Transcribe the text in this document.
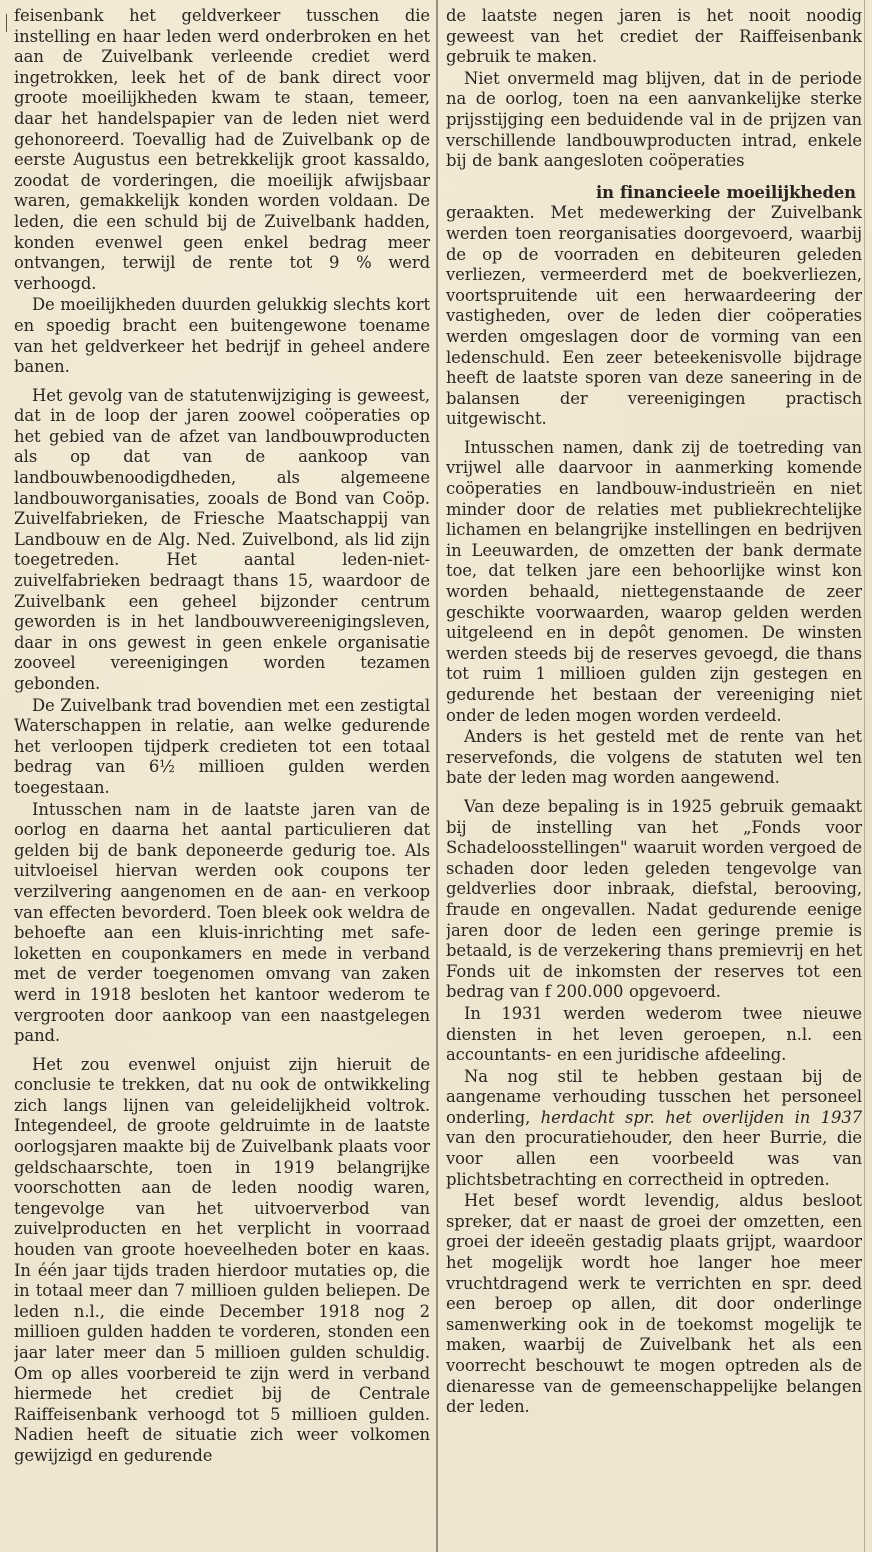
feisenbank het geldverkeer tusschen die instelling en haar leden werd onderbroken en het aan de Zuivelbank verleende crediet werd ingetrokken, leek het of de bank direct voor groote moeilijkheden kwam te staan, temeer, daar het handelspapier van de leden niet werd gehonoreerd. Toevallig had de Zuivelbank op de eerste Augustus een betrekkelijk groot kassaldo, zoodat de vorderingen, die moeilijk afwijsbaar waren, gemakkelijk konden worden voldaan. De leden, die een schuld bij de Zuivelbank hadden, konden evenwel geen enkel bedrag meer ontvangen, terwijl de rente tot 9 % werd verhoogd.

De moeilijkheden duurden gelukkig slechts kort en spoedig bracht een buitengewone toename van het geldverkeer het bedrijf in geheel andere banen.

Het gevolg van de statutenwijziging is geweest, dat in de loop der jaren zoowel coöperaties op het gebied van de afzet van landbouwproducten als op dat van de aankoop van landbouwbenoodigdheden, als algemeene landbouworganisaties, zooals de Bond van Coöp. Zuivelfabrieken, de Friesche Maatschappij van Landbouw en de Alg. Ned. Zuivelbond, als lid zijn toegetreden. Het aantal leden-niet-zuivelfabrieken bedraagt thans 15, waardoor de Zuivelbank een geheel bijzonder centrum geworden is in het landbouwvereenigingsleven, daar in ons gewest in geen enkele organisatie zooveel vereenigingen worden tezamen gebonden.

De Zuivelbank trad bovendien met een zestigtal Waterschappen in relatie, aan welke gedurende het verloopen tijdperk credieten tot een totaal bedrag van 6½ millioen gulden werden toegestaan.

Intusschen nam in de laatste jaren van de oorlog en daarna het aantal particulieren dat gelden bij de bank deponeerde gedurig toe. Als uitvloeisel hiervan werden ook coupons ter verzilvering aangenomen en de aan- en verkoop van effecten bevorderd. Toen bleek ook weldra de behoefte aan een kluis-inrichting met safe-loketten en couponkamers en mede in verband met de verder toegenomen omvang van zaken werd in 1918 besloten het kantoor wederom te vergrooten door aankoop van een naastgelegen pand.

Het zou evenwel onjuist zijn hieruit de conclusie te trekken, dat nu ook de ontwikkeling zich langs lijnen van geleidelijkheid voltrok. Integendeel, de groote geldruimte in de laatste oorlogsjaren maakte bij de Zuivelbank plaats voor geldschaarschte, toen in 1919 belangrijke voorschotten aan de leden noodig waren, tengevolge van het uitvoerverbod van zuivelproducten en het verplicht in voorraad houden van groote hoeveelheden boter en kaas. In één jaar tijds traden hierdoor mutaties op, die in totaal meer dan 7 millioen gulden beliepen. De leden n.l., die einde December 1918 nog 2 millioen gulden hadden te vorderen, stonden een jaar later meer dan 5 millioen gulden schuldig. Om op alles voorbereid te zijn werd in verband hiermede het crediet bij de Centrale Raiffeisenbank verhoogd tot 5 millioen gulden. Nadien heeft de situatie zich weer volkomen gewijzigd en gedurende

de laatste negen jaren is het nooit noodig geweest van het crediet der Raiffeisenbank gebruik te maken.

Niet onvermeld mag blijven, dat in de periode na de oorlog, toen na een aanvankelijke sterke prijsstijging een beduidende val in de prijzen van verschillende landbouwproducten intrad, enkele bij de bank aangesloten coöperaties

in financieele moeilijkheden

geraakten. Met medewerking der Zuivelbank werden toen reorganisaties doorgevoerd, waarbij de op de voorraden en debiteuren geleden verliezen, vermeerderd met de boekverliezen, voortspruitende uit een herwaardeering der vastigheden, over de leden dier coöperaties werden omgeslagen door de vorming van een ledenschuld. Een zeer beteekenisvolle bijdrage heeft de laatste sporen van deze saneering in de balansen der vereenigingen practisch uitgewischt.

Intusschen namen, dank zij de toetreding van vrijwel alle daarvoor in aanmerking komende coöperaties en landbouw-industrieën en niet minder door de relaties met publiekrechtelijke lichamen en belangrijke instellingen en bedrijven in Leeuwarden, de omzetten der bank dermate toe, dat telken jare een behoorlijke winst kon worden behaald, niettegenstaande de zeer geschikte voorwaarden, waarop gelden werden uitgeleend en in depôt genomen. De winsten werden steeds bij de reserves gevoegd, die thans tot ruim 1 millioen gulden zijn gestegen en gedurende het bestaan der vereeniging niet onder de leden mogen worden verdeeld.

Anders is het gesteld met de rente van het reservefonds, die volgens de statuten wel ten bate der leden mag worden aangewend.

Van deze bepaling is in 1925 gebruik gemaakt bij de instelling van het „Fonds voor Schadeloosstellingen" waaruit worden vergoed de schaden door leden geleden tengevolge van geldverlies door inbraak, diefstal, berooving, fraude en ongevallen. Nadat gedurende eenige jaren door de leden een geringe premie is betaald, is de verzekering thans premievrij en het Fonds uit de inkomsten der reserves tot een bedrag van f 200.000 opgevoerd.

In 1931 werden wederom twee nieuwe diensten in het leven geroepen, n.l. een accountants- en een juridische afdeeling.

Na nog stil te hebben gestaan bij de aangename verhouding tusschen het personeel onderling, herdacht spr. het overlijden in 1937 van den procuratiehouder, den heer Burrie, die voor allen een voorbeeld was van plichtsbetrachting en correctheid in optreden.

Het besef wordt levendig, aldus besloot spreker, dat er naast de groei der omzetten, een groei der ideeën gestadig plaats grijpt, waardoor het mogelijk wordt hoe langer hoe meer vruchtdragend werk te verrichten en spr. deed een beroep op allen, dit door onderlinge samenwerking ook in de toekomst mogelijk te maken, waarbij de Zuivelbank het als een voorrecht beschouwt te mogen optreden als de dienaresse van de gemeenschappelijke belangen der leden.
